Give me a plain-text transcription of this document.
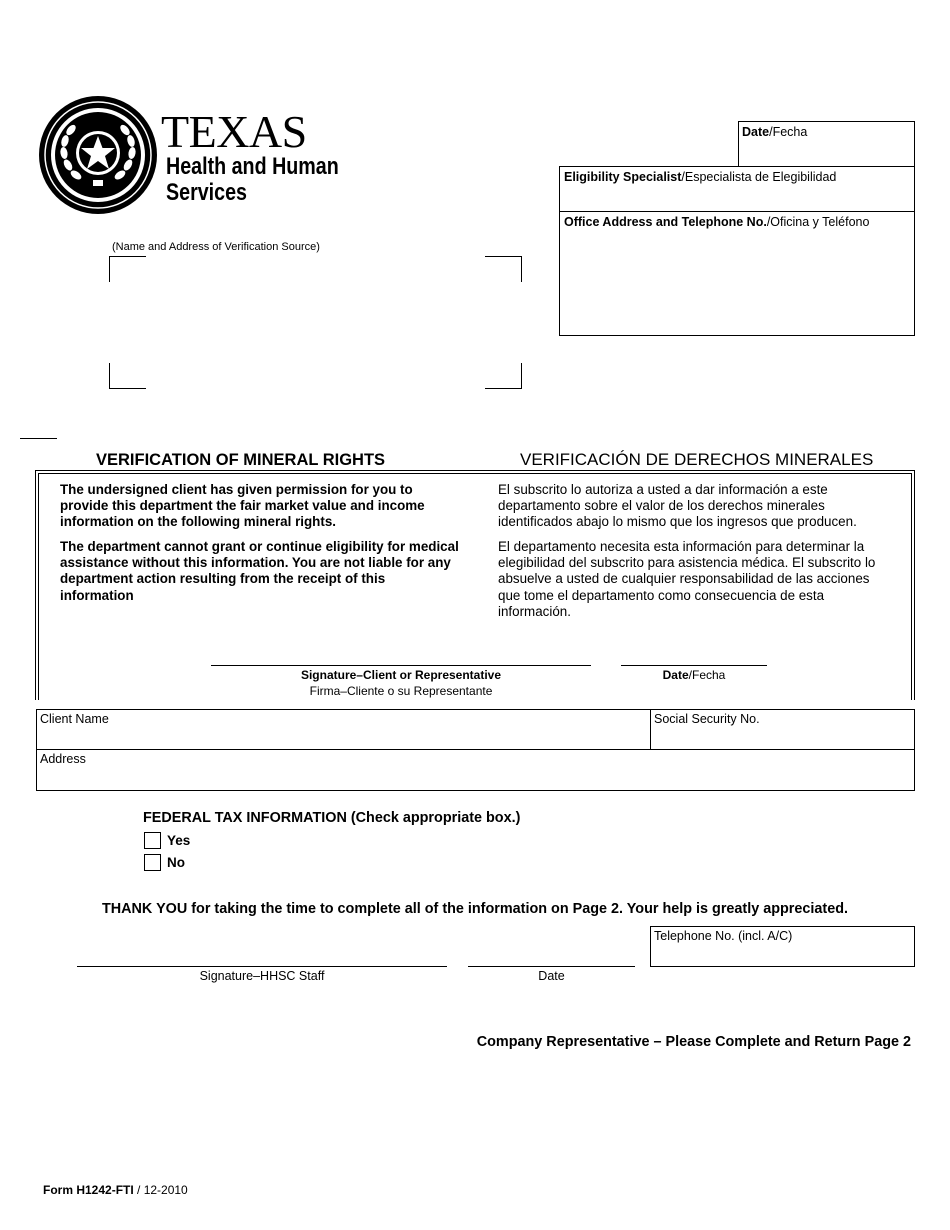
TEXAS
Health and Human
Services
Date/Fecha
Eligibility Specialist/Especialista de Elegibilidad
Office Address and Telephone No./Oficina y Teléfono
(Name and Address of Verification Source)
VERIFICATION OF MINERAL RIGHTS	VERIFICACIÓN DE DERECHOS MINERALES
The undersigned client has given permission for you to provide this department the fair market value and income information on the following mineral rights.
The department cannot grant or continue eligibility for medical assistance without this information. You are not liable for any department action resulting from the receipt of this information
El subscrito lo autoriza a usted a dar información a este departamento sobre el valor de los derechos minerales identificados abajo lo mismo que los ingresos que producen.
El departamento necesita esta información para determinar la elegibilidad del subscrito para asistencia médica. El subscrito lo absuelve a usted de cualquier responsabilidad de las acciones que tome el departamento como consecuencia de esta información.
Signature–Client or Representative
Firma–Cliente o su Representante
Date/Fecha
Client Name	Social Security No.
Address
FEDERAL TAX INFORMATION (Check appropriate box.)
Yes
No
THANK YOU for taking the time to complete all of the information on Page 2. Your help is greatly appreciated.
Telephone No. (incl. A/C)
Signature–HHSC Staff	Date
Company Representative – Please Complete and Return Page 2
Form H1242-FTI / 12-2010
